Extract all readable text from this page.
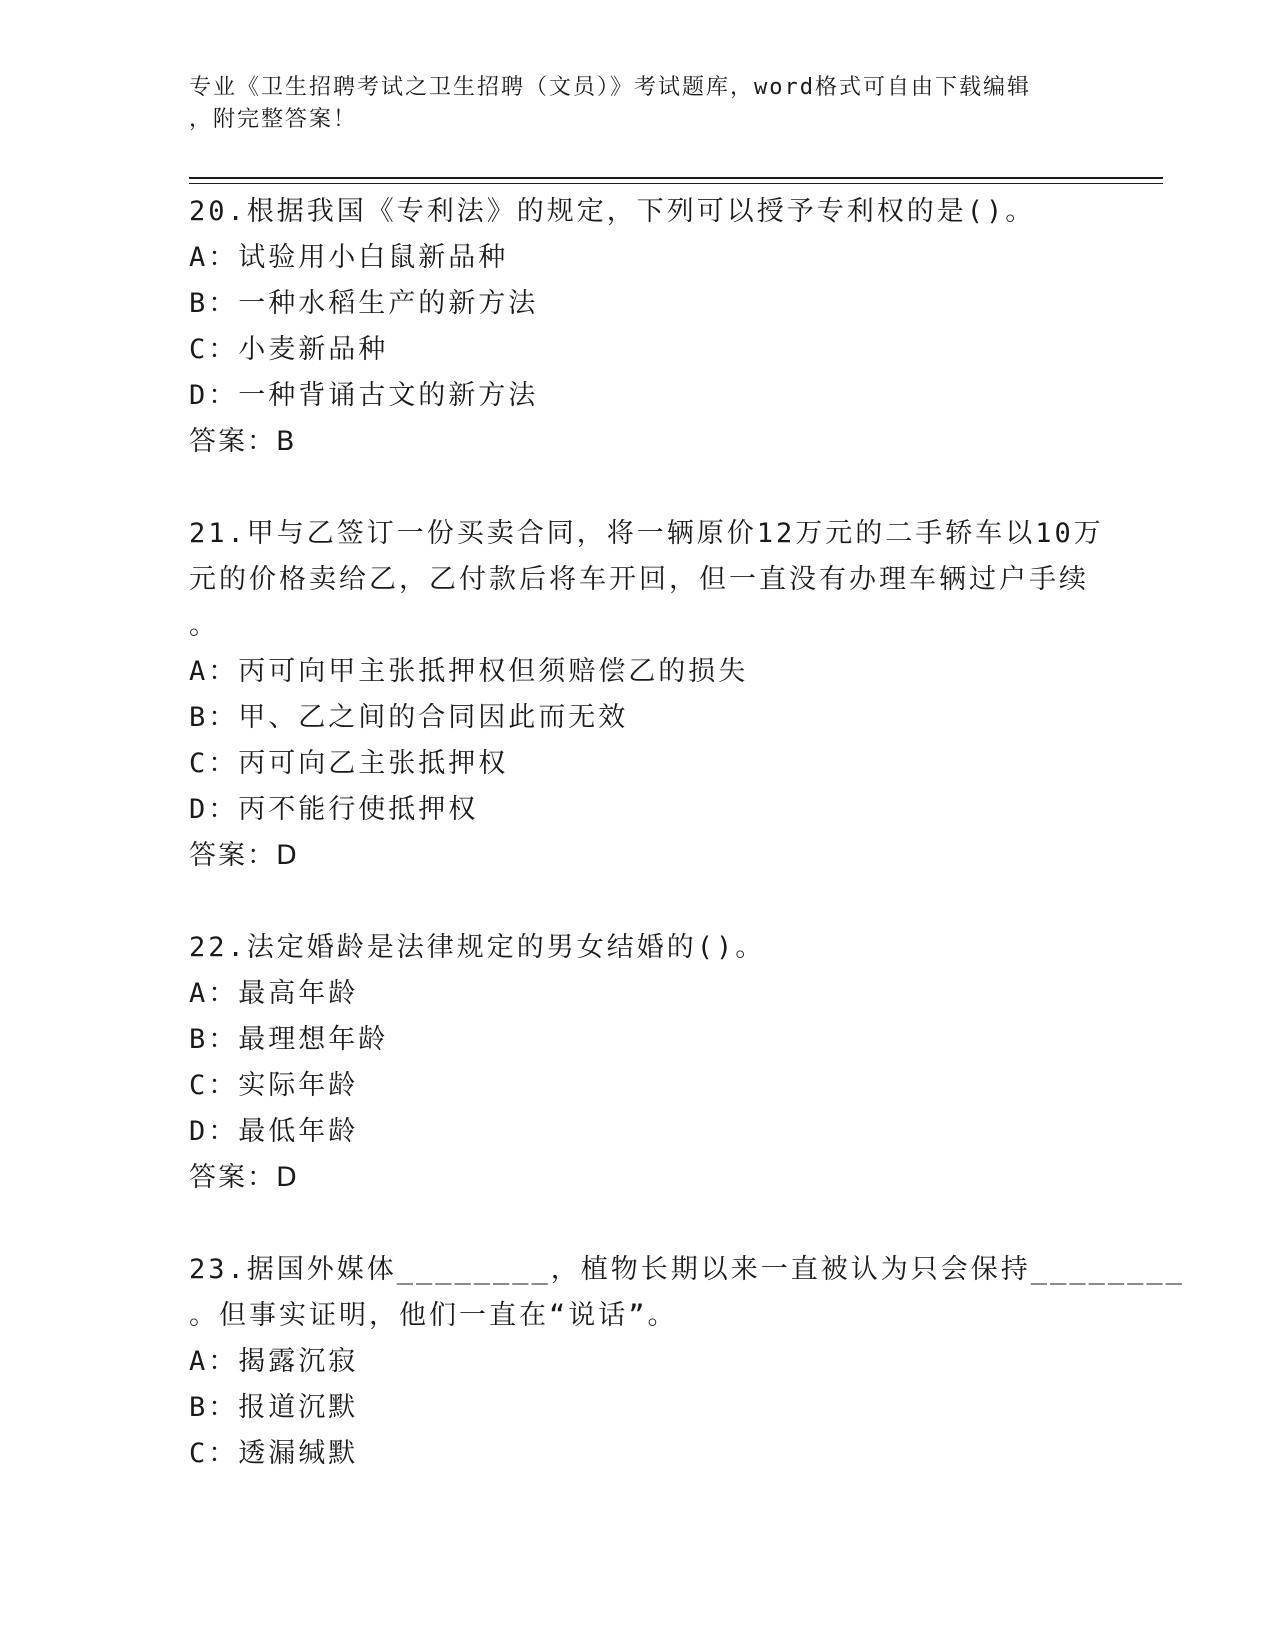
专业《卫生招聘考试之卫生招聘（文员）》考试题库，word格式可自由下载编辑
，附完整答案！
20.根据我国《专利法》的规定，下列可以授予专利权的是()。
A：试验用小白鼠新品种
B：一种水稻生产的新方法
C：小麦新品种
D：一种背诵古文的新方法
答案：B
21.甲与乙签订一份买卖合同，将一辆原价12万元的二手轿车以10万
元的价格卖给乙，乙付款后将车开回，但一直没有办理车辆过户手续
。
A：丙可向甲主张抵押权但须赔偿乙的损失
B：甲、乙之间的合同因此而无效
C：丙可向乙主张抵押权
D：丙不能行使抵押权
答案：D
22.法定婚龄是法律规定的男女结婚的()。
A：最高年龄
B：最理想年龄
C：实际年龄
D：最低年龄
答案：D
23.据国外媒体________，植物长期以来一直被认为只会保持________
。但事实证明，他们一直在“说话”。
A：揭露沉寂
B：报道沉默
C：透漏缄默
